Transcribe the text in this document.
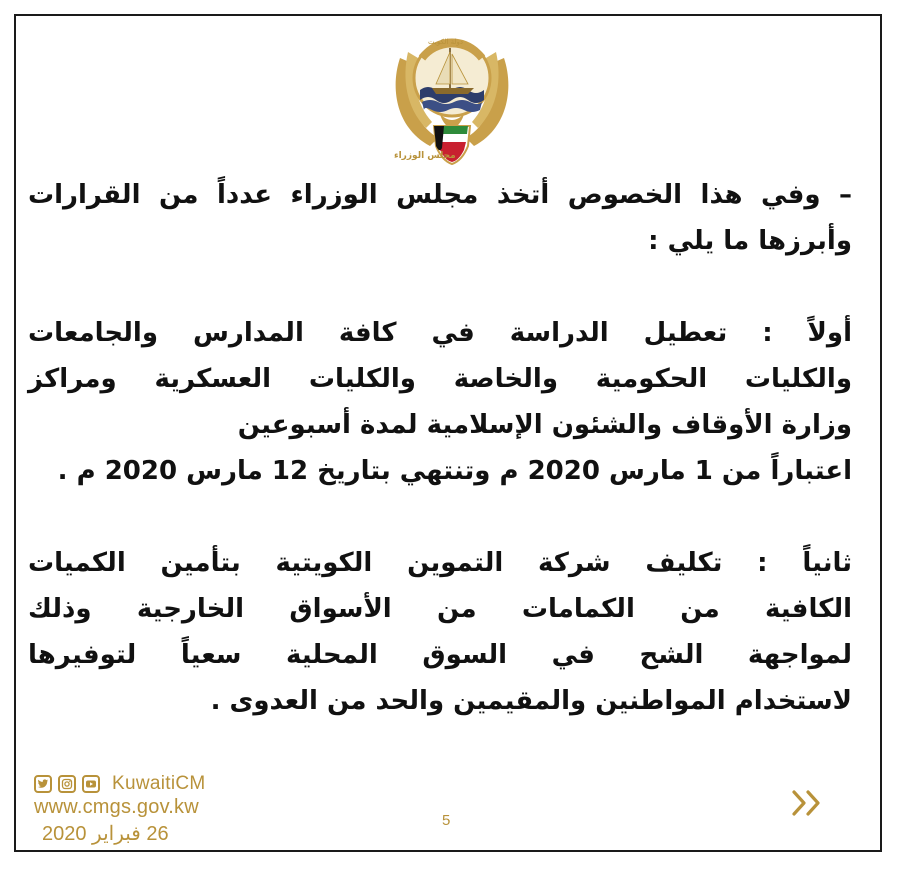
دولة الكويت
مجلس الوزراء
– وفي هذا الخصوص أتخذ مجلس الوزراء عدداً من القرارات
وأبرزها ما يلي :
أولاً : تعطيل الدراسة في كافة المدارس والجامعات
والكليات الحكومية والخاصة والكليات العسكرية ومراكز
وزارة الأوقاف والشئون الإسلامية لمدة أسبوعين
اعتباراً من 1 مارس 2020 م وتنتهي بتاريخ 12 مارس 2020 م .
ثانياً : تكليف شركة التموين الكويتية بتأمين الكميات
الكافية من الكمامات من الأسواق الخارجية وذلك
لمواجهة الشح في السوق المحلية سعياً لتوفيرها
لاستخدام المواطنين والمقيمين والحد من العدوى .
KuwaitiCM
www.cmgs.gov.kw
26 فبراير 2020
5
